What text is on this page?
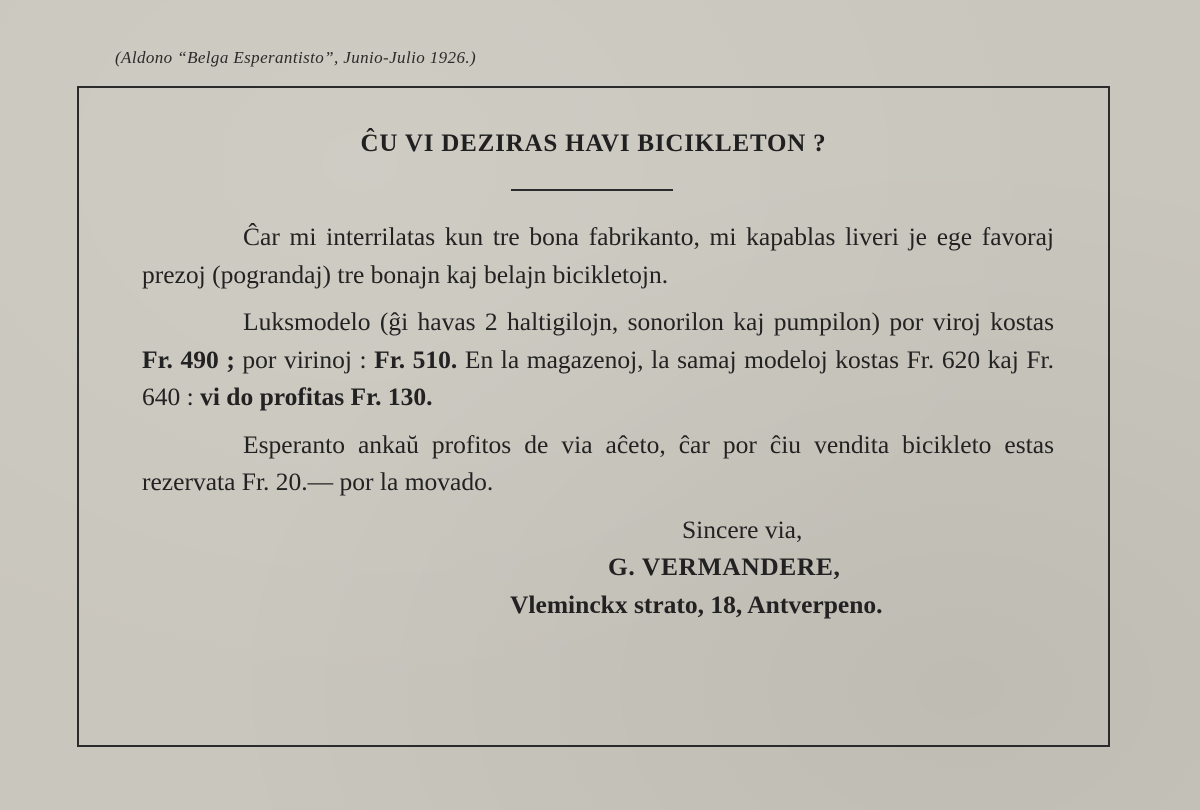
(Aldono “Belga Esperantisto”, Junio-Julio 1926.)
ĈU VI DEZIRAS HAVI BICIKLETON ?

Ĉar mi interrilatas kun tre bona fabrikanto, mi kapablas liveri je ege favoraj prezoj (pograndaj) tre bonajn kaj belajn bicikletojn.

Luksmodelo (ĝi havas 2 haltigilojn, sonorilon kaj pumpilon) por viroj kostas Fr. 490 ; por virinoj : Fr. 510. En la magazenoj, la samaj modeloj kostas Fr. 620 kaj Fr. 640 : vi do profitas Fr. 130.

Esperanto ankaŭ profitos de via aĉeto, ĉar por ĉiu vendita bicikleto estas rezervata Fr. 20.— por la movado.

Sincere via,
G. VERMANDERE,
Vleminckx strato, 18, Antverpeno.
